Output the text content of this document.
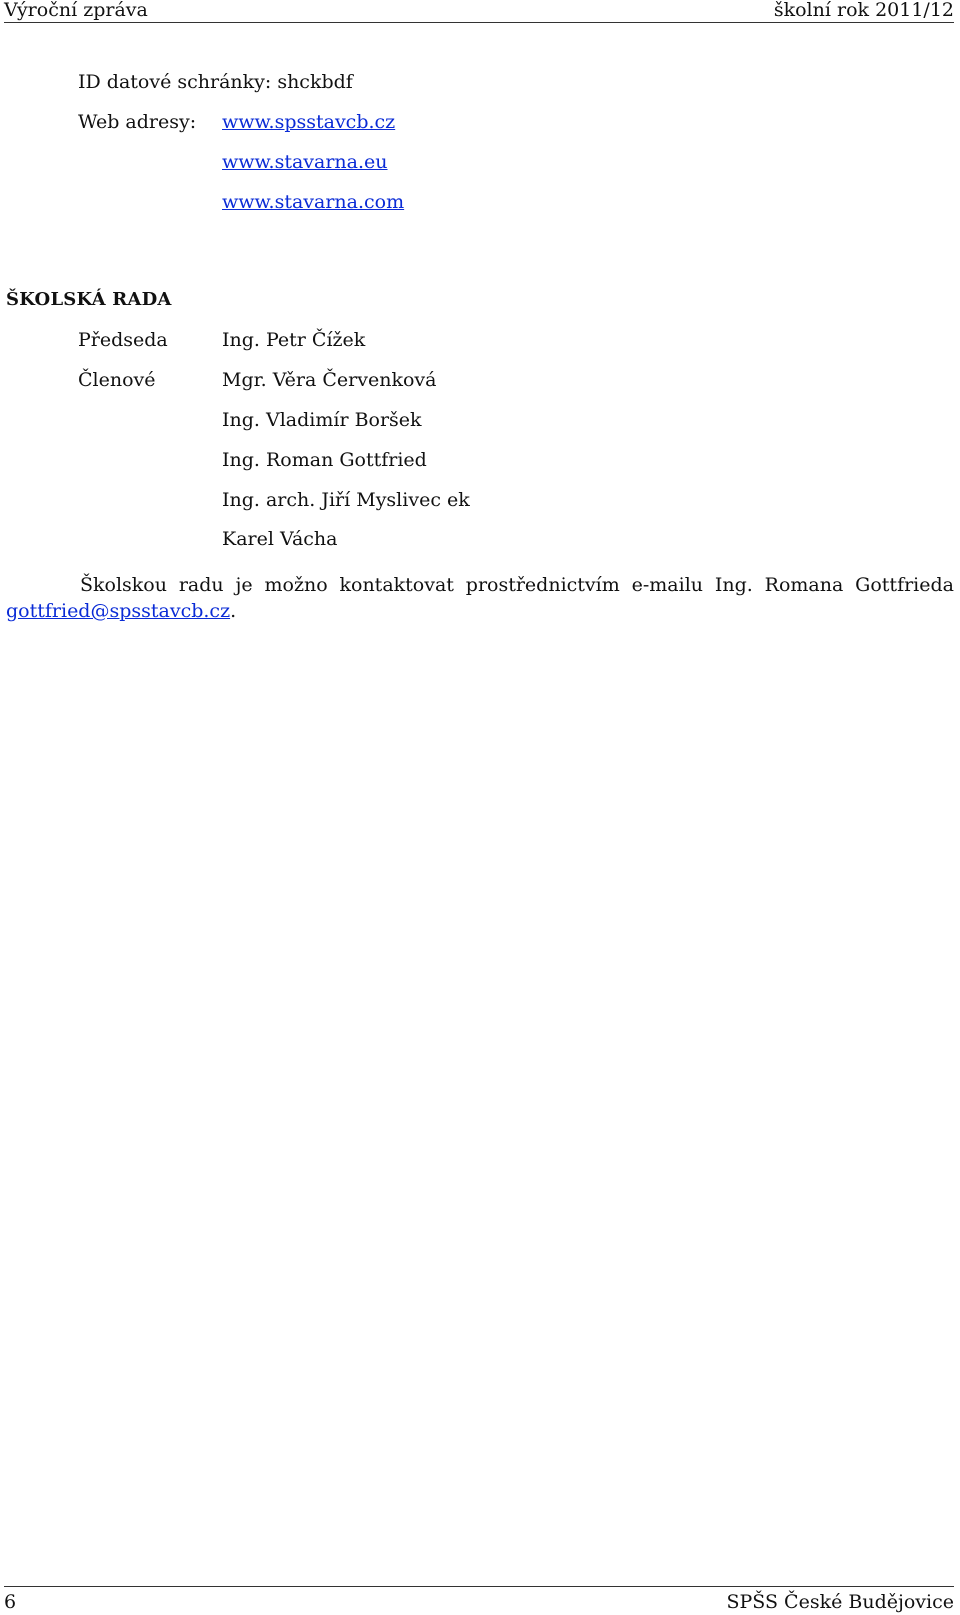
Výroční zpráva	školní rok 2011/12
ID datové schránky: shckbdf
Web adresy: www.spsstavcb.cz
www.stavarna.eu
www.stavarna.com
ŠKOLSKÁ RADA
Předseda	Ing. Petr Čížek
Členové	Mgr. Věra Červenková
Ing. Vladimír Boršek
Ing. Roman Gottfried
Ing. arch. Jiří Myslivec ek
Karel Vácha

Školskou radu je možno kontaktovat prostřednictvím e-mailu Ing. Romana Gottfrieda gottfried@spsstavcb.cz.

6	SPŠS České Budějovice
